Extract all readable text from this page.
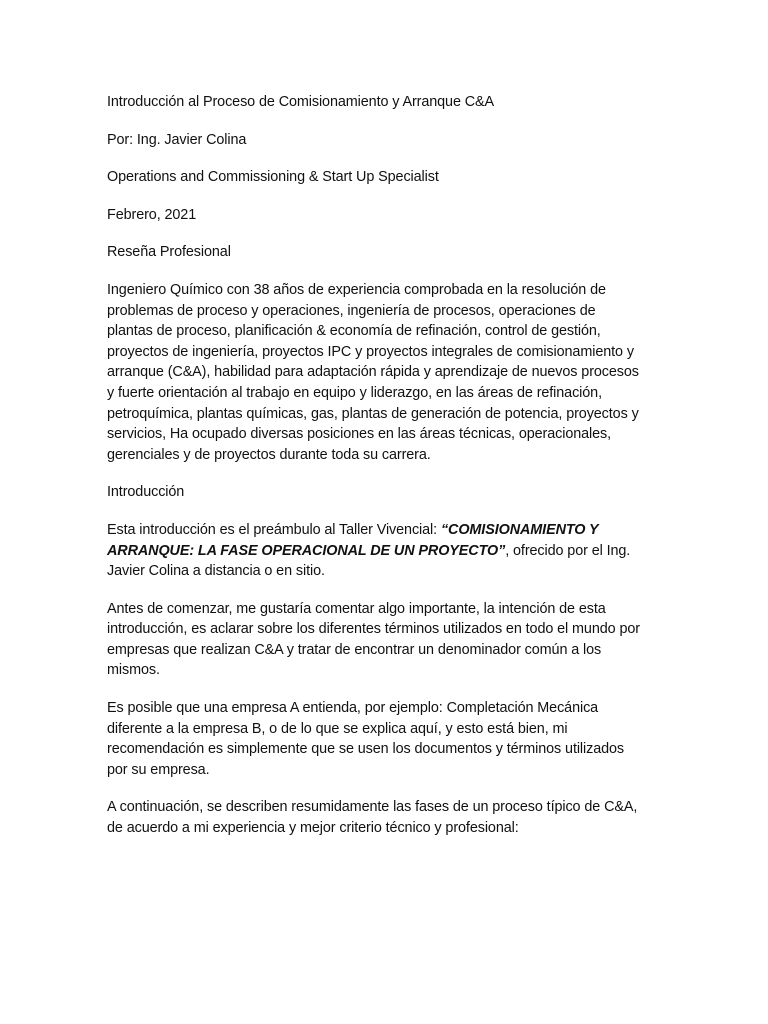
Introducción al Proceso de Comisionamiento y Arranque C&A

Por: Ing. Javier Colina

Operations and Commissioning & Start Up Specialist

Febrero, 2021

Reseña Profesional

Ingeniero Químico con 38 años de experiencia comprobada en la resolución de problemas de proceso y operaciones, ingeniería de procesos, operaciones de plantas de proceso, planificación & economía de refinación, control de gestión, proyectos de ingeniería, proyectos IPC y proyectos integrales de comisionamiento y arranque (C&A), habilidad para adaptación rápida y aprendizaje de nuevos procesos y fuerte orientación al trabajo en equipo y liderazgo, en las áreas de refinación, petroquímica, plantas químicas, gas, plantas de generación de potencia, proyectos y servicios, Ha ocupado diversas posiciones en las áreas técnicas, operacionales, gerenciales y de proyectos durante toda su carrera.

Introducción

Esta introducción es el preámbulo al Taller Vivencial: “COMISIONAMIENTO Y ARRANQUE: LA FASE OPERACIONAL DE UN PROYECTO”, ofrecido por el Ing. Javier Colina a distancia o en sitio.

Antes de comenzar, me gustaría comentar algo importante, la intención de esta introducción, es aclarar sobre los diferentes términos utilizados en todo el mundo por empresas que realizan C&A y tratar de encontrar un denominador común a los mismos.

Es posible que una empresa A entienda, por ejemplo: Completación Mecánica diferente a la empresa B, o de lo que se explica aquí, y esto está bien, mi recomendación es simplemente que se usen los documentos y términos utilizados por su empresa.

A continuación, se describen resumidamente las fases de un proceso típico de C&A, de acuerdo a mi experiencia y mejor criterio técnico y profesional:
